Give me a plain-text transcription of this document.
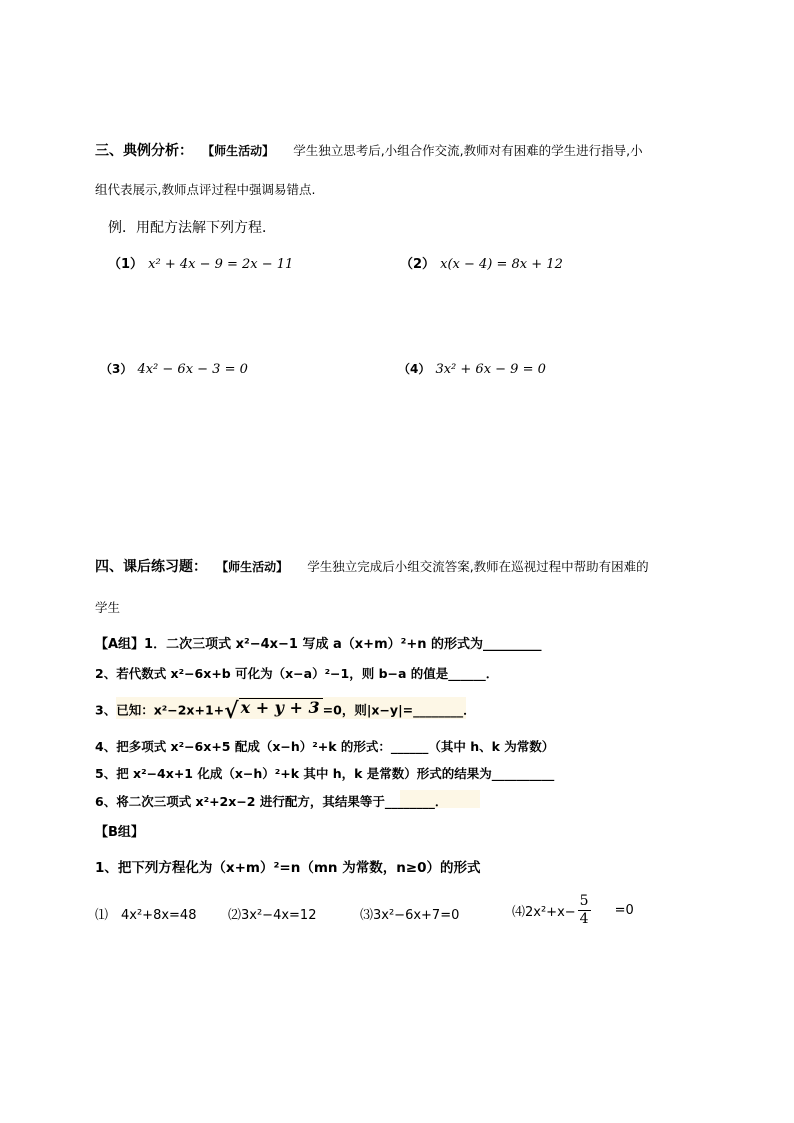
三、典例分析： 【师生活动】 学生独立思考后,小组合作交流,教师对有困难的学生进行指导,小
组代表展示,教师点评过程中强调易错点.
例．用配方法解下列方程．
（1） x² + 4x − 9 = 2x − 11	（2） x(x − 4) = 8x + 12
（3） 4x² − 6x − 3 = 0	（4） 3x² + 6x − 9 = 0
四、课后练习题： 【师生活动】 学生独立完成后小组交流答案,教师在巡视过程中帮助有困难的
学生
【A组】1．二次三项式 x²−4x−1 写成 a（x+m）²+n 的形式为_________
2、若代数式 x²−6x+b 可化为（x−a）²−1，则 b−a 的值是______．
3、已知：x²−2x+1+√ x + y + 3 =0，则|x−y|=________．
4、把多项式 x²−6x+5 配成（x−h）²+k 的形式：______（其中 h、k 为常数）
5、把 x²−4x+1 化成（x−h）²+k 其中 h，k 是常数）形式的结果为__________
6、将二次三项式 x²+2x−2 进行配方，其结果等于________．
【B组】
1、把下列方程化为（x+m）²=n（mn 为常数，n≥0）的形式
⑴　4x²+8x=48 ⑵3x²−4x=12	⑶3x²−6x+7=0	⑷2x²+x− $\frac{5}{4} =0$
